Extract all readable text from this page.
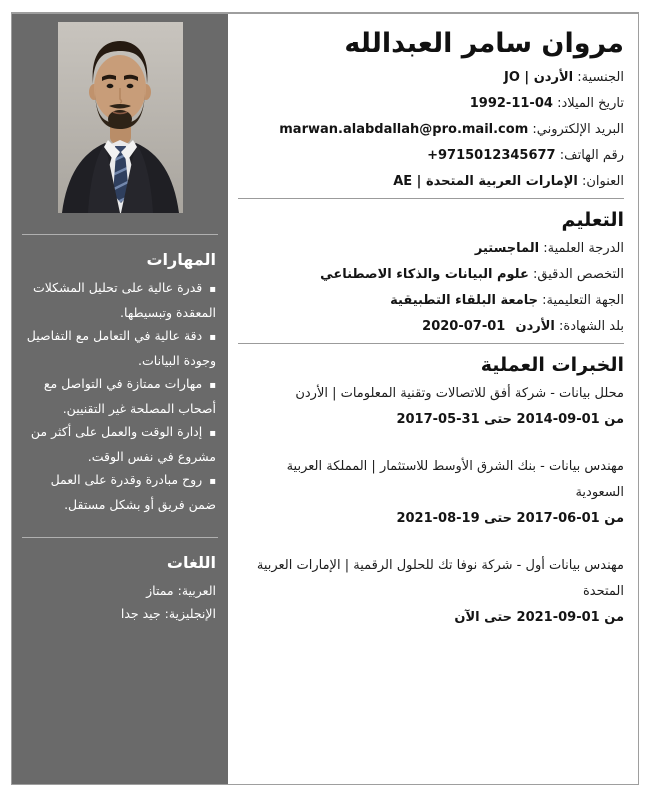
المهارات
▪ قدرة عالية على تحليل المشكلات المعقدة وتبسيطها.
▪ دقة عالية في التعامل مع التفاصيل وجودة البيانات.
▪ مهارات ممتازة في التواصل مع أصحاب المصلحة غير التقنيين.
▪ إدارة الوقت والعمل على أكثر من مشروع في نفس الوقت.
▪ روح مبادرة وقدرة على العمل ضمن فريق أو بشكل مستقل.
اللغات
العربية: ممتاز
الإنجليزية: جيد جدا
مروان سامر العبدالله
الجنسية: الأردن | JO
تاريخ الميلاد: 04-11-1992
البريد الإلكتروني: marwan.alabdallah@pro.mail.com
رقم الهاتف: +9715012345677
العنوان: الإمارات العربية المتحدة | AE
التعليم
الدرجة العلمية: الماجستير
التخصص الدقيق: علوم البيانات والذكاء الاصطناعي
الجهة التعليمية: جامعة البلقاء التطبيقية
بلد الشهادة: الأردن 01-07-2020
الخبرات العملية
محلل بيانات - شركة أفق للاتصالات وتقنية المعلومات | الأردن
من 01-09-2014 حتى 31-05-2017
مهندس بيانات - بنك الشرق الأوسط للاستثمار | المملكة العربية السعودية
من 01-06-2017 حتى 19-08-2021
مهندس بيانات أول - شركة نوفا تك للحلول الرقمية | الإمارات العربية المتحدة
من 01-09-2021 حتى الآن
